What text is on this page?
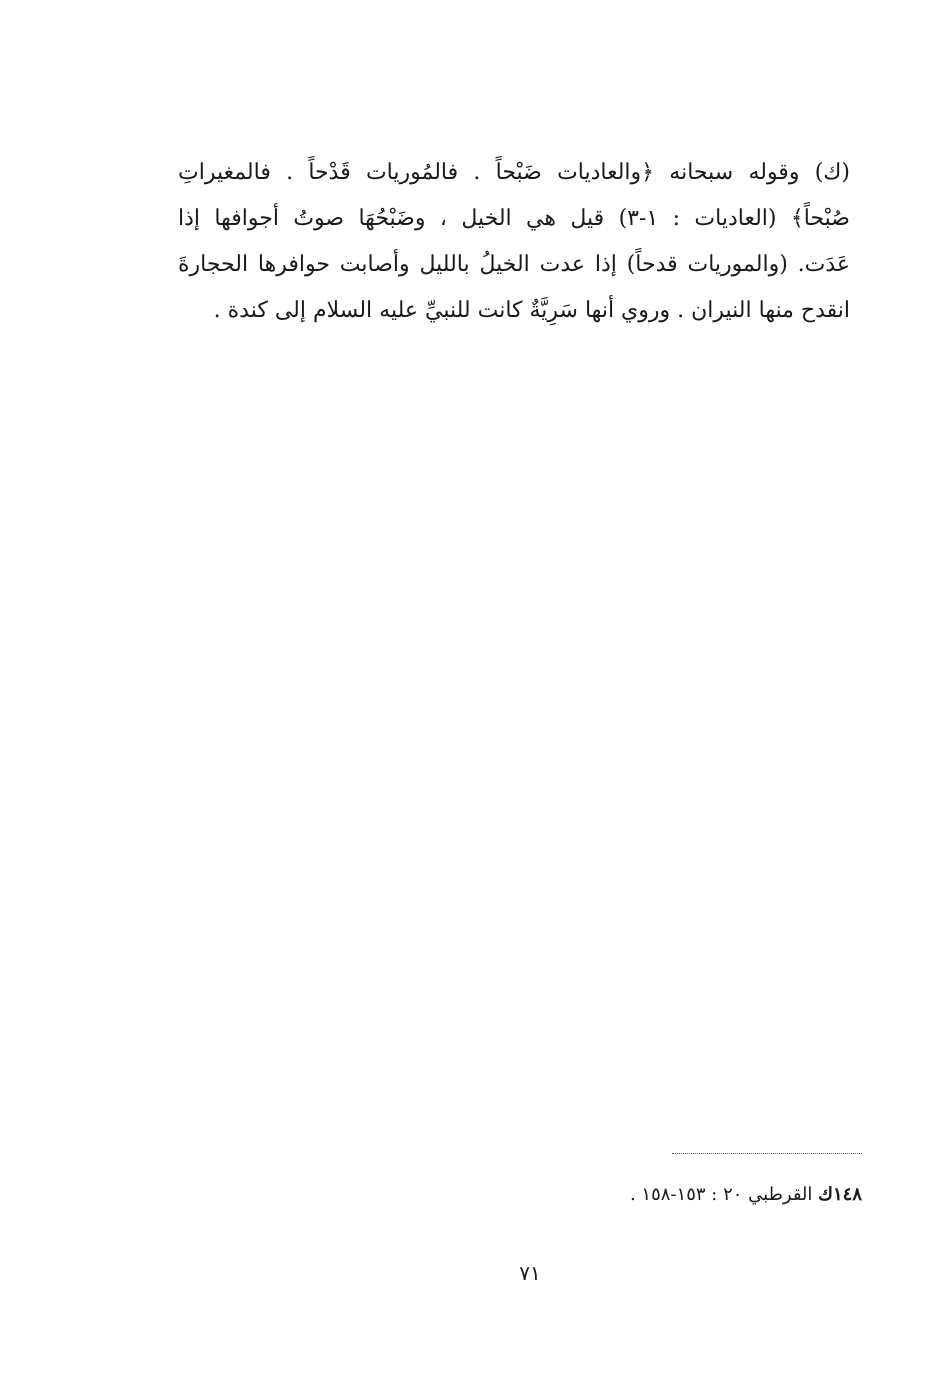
(ك) وقوله سبحانه ﴿والعاديات ضَبْحاً . فالمُوريات قَدْحاً . فالمغيراتِ
صُبْحاً﴾ (العاديات : ١-٣) قيل هي الخيل ، وضَبْحُهَا صوتُ أجوافها إذا
عَدَت. (والموريات قدحاً) إذا عدت الخيلُ بالليل وأصابت حوافرها الحجارةَ
انقدح منها النيران . وروي أنها سَرِيَّةٌ كانت للنبيِّ عليه السلام إلى كندة .
١٤٨ك القرطبي ٢٠ : ١٥٣-١٥٨ .
٧١
